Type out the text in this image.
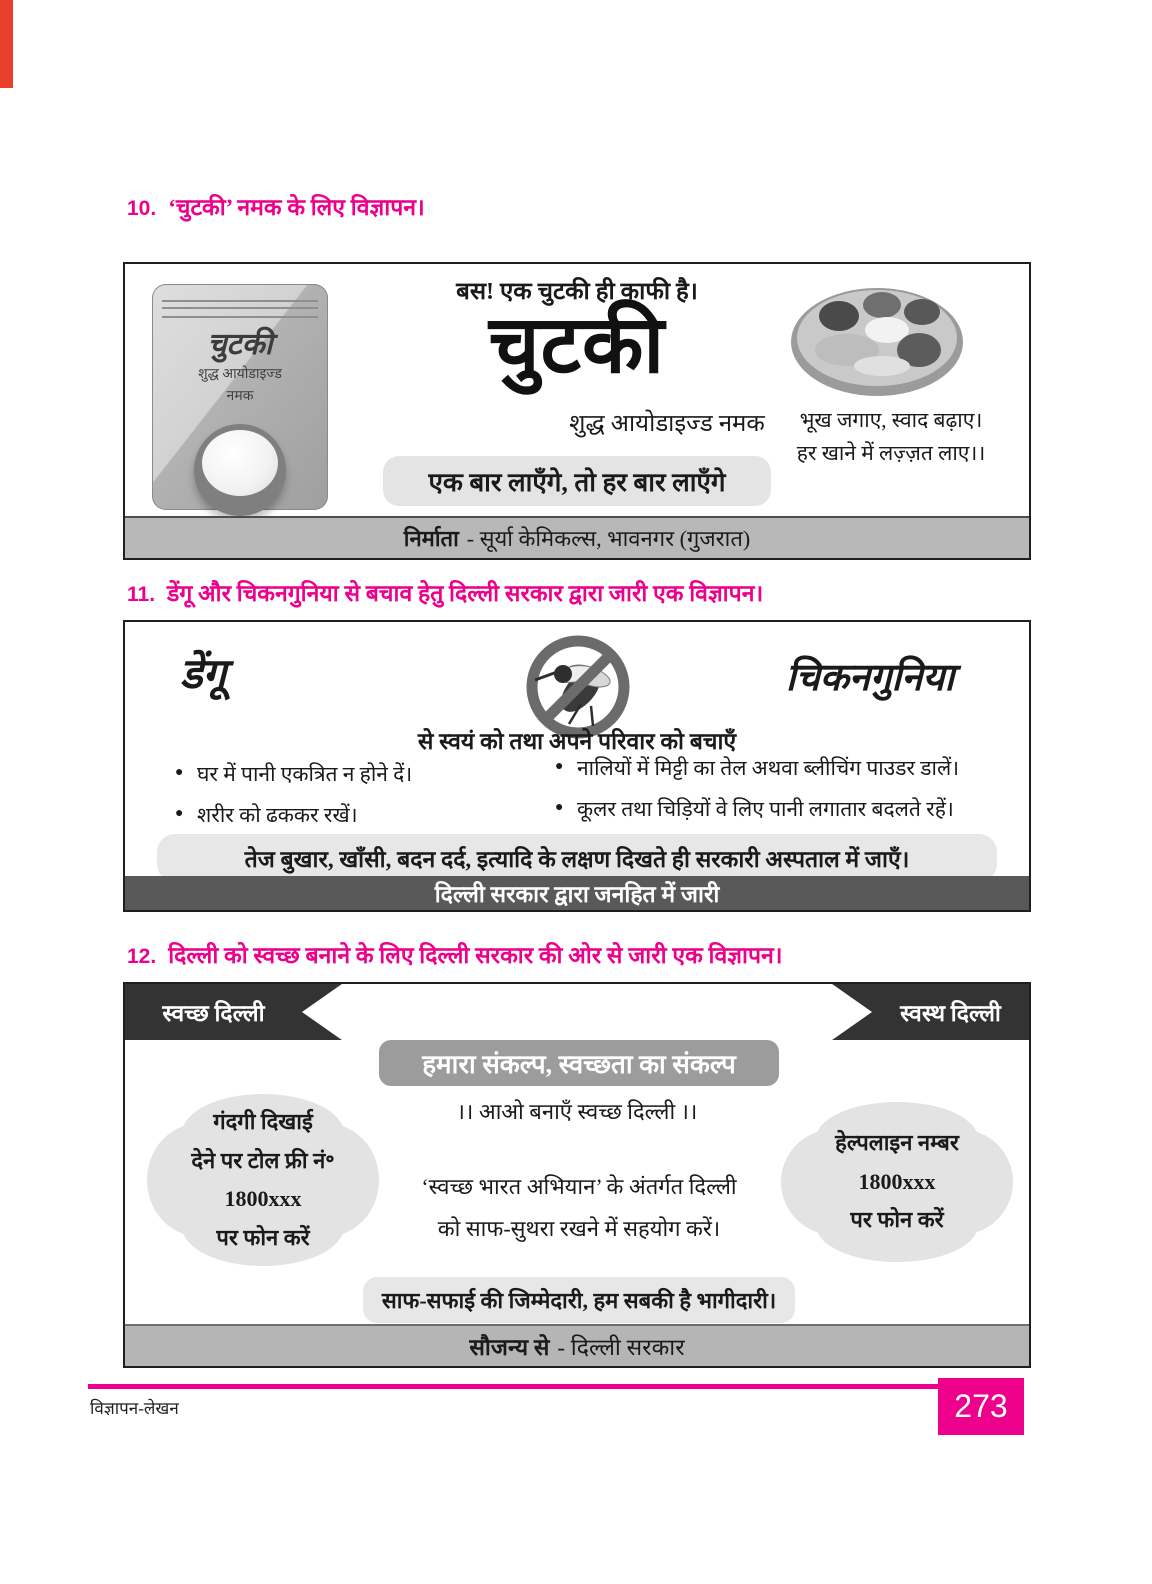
10. ‘चुटकी’ नमक के लिए विज्ञापन।
चुटकी
शुद्ध आयोडाइज्ड
नमक
बस! एक चुटकी ही काफी है।
चुटकी
शुद्ध आयोडाइज्ड नमक
एक बार लाएँगे, तो हर बार लाएँगे
भूख जगाए, स्वाद बढ़ाए।
हर खाने में लज़्ज़त लाए।।
निर्माता - सूर्या केमिकल्स, भावनगर (गुजरात)
11. डेंगू और चिकनगुनिया से बचाव हेतु दिल्ली सरकार द्वारा जारी एक विज्ञापन।
डेंगू	चिकनगुनिया
से स्वयं को तथा अपने परिवार को बचाएँ
● घर में पानी एकत्रित न होने दें।
● शरीर को ढककर रखें।
● नालियों में मिट्टी का तेल अथवा ब्लीचिंग पाउडर डालें।
● कूलर तथा चिड़ियों वे लिए पानी लगातार बदलते रहें।
तेज बुखार, खाँसी, बदन दर्द, इत्यादि के लक्षण दिखते ही सरकारी अस्पताल में जाएँ।
दिल्ली सरकार द्वारा जनहित में जारी
12. दिल्ली को स्वच्छ बनाने के लिए दिल्ली सरकार की ओर से जारी एक विज्ञापन।
स्वच्छ दिल्ली	स्वस्थ दिल्ली
हमारा संकल्प, स्वच्छता का संकल्प
।। आओ बनाएँ स्वच्छ दिल्ली ।।
गंदगी दिखाई
देने पर टोल फ्री नं॰
1800xxx
पर फोन करें
‘स्वच्छ भारत अभियान’ के अंतर्गत दिल्ली
को साफ-सुथरा रखने में सहयोग करें।
हेल्पलाइन नम्बर
1800xxx
पर फोन करें
साफ-सफाई की जिम्मेदारी, हम सबकी है भागीदारी।
सौजन्य से - दिल्ली सरकार
विज्ञापन-लेखन	273
